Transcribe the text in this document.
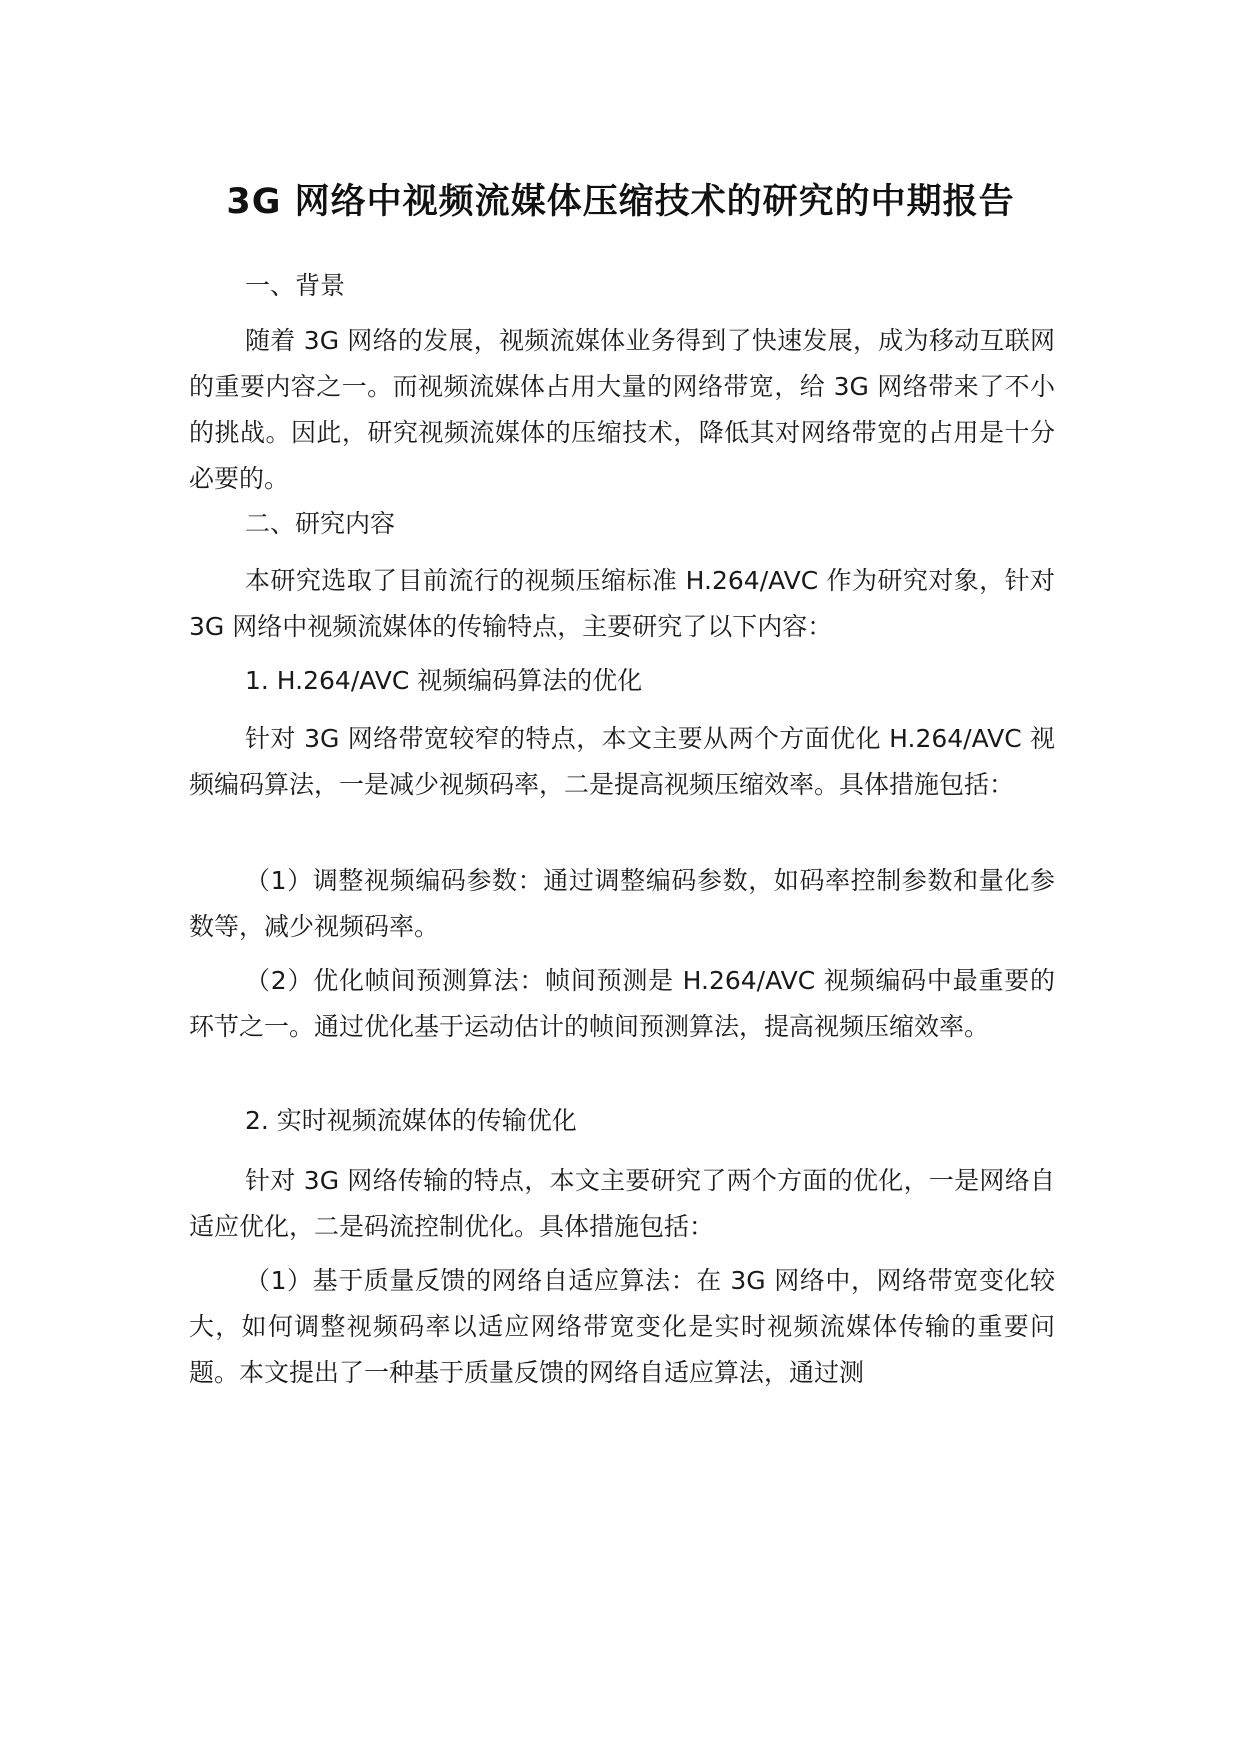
3G 网络中视频流媒体压缩技术的研究的中期报告

一、背景

随着 3G 网络的发展，视频流媒体业务得到了快速发展，成为移动互联网的重要内容之一。而视频流媒体占用大量的网络带宽，给 3G 网络带来了不小的挑战。因此，研究视频流媒体的压缩技术，降低其对网络带宽的占用是十分必要的。

二、研究内容

本研究选取了目前流行的视频压缩标准 H.264/AVC 作为研究对象，针对 3G 网络中视频流媒体的传输特点，主要研究了以下内容：

1. H.264/AVC 视频编码算法的优化

针对 3G 网络带宽较窄的特点，本文主要从两个方面优化 H.264/AVC 视频编码算法，一是减少视频码率，二是提高视频压缩效率。具体措施包括：

（1）调整视频编码参数：通过调整编码参数，如码率控制参数和量化参数等，减少视频码率。

（2）优化帧间预测算法：帧间预测是 H.264/AVC 视频编码中最重要的环节之一。通过优化基于运动估计的帧间预测算法，提高视频压缩效率。

2. 实时视频流媒体的传输优化

针对 3G 网络传输的特点，本文主要研究了两个方面的优化，一是网络自适应优化，二是码流控制优化。具体措施包括：

（1）基于质量反馈的网络自适应算法：在 3G 网络中，网络带宽变化较大，如何调整视频码率以适应网络带宽变化是实时视频流媒体传输的重要问题。本文提出了一种基于质量反馈的网络自适应算法，通过测
